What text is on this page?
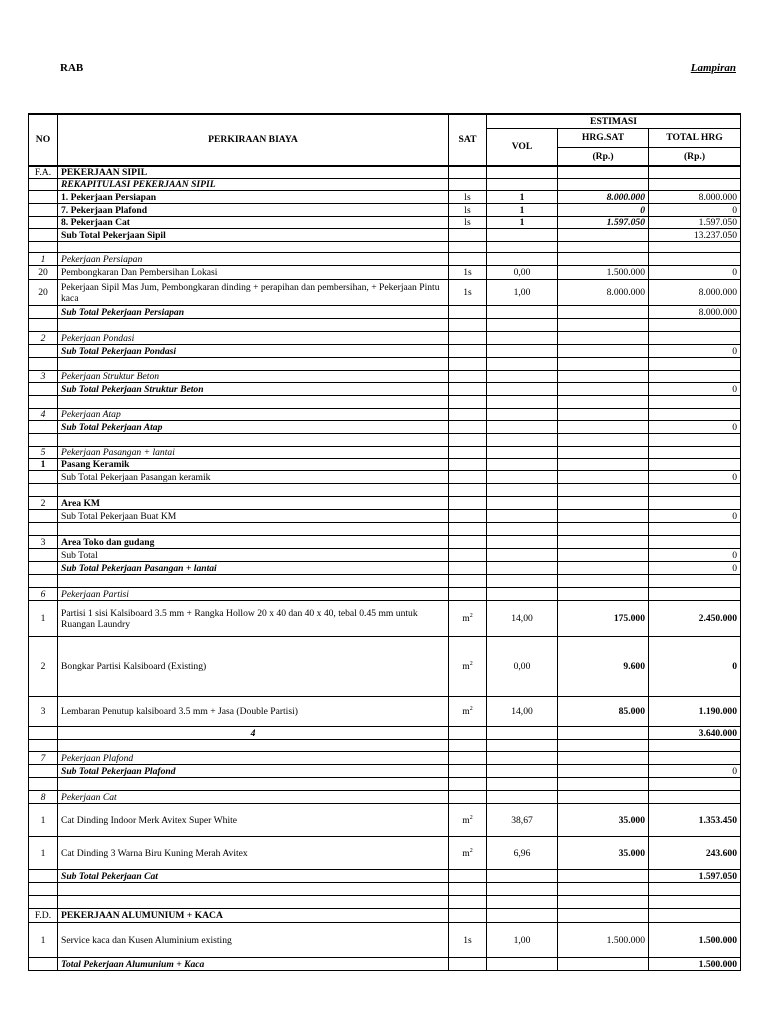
RAB	Lampiran
NO	PERKIRAAN BIAYA	SAT	ESTIMASI		
			VOL	HRG.SAT	TOTAL HRG
				(Rp.)	(Rp.)
F.A.	PEKERJAAN SIPIL				
	REKAPITULASI PEKERJAAN SIPIL				
	1. Pekerjaan Persiapan	ls	1	8.000.000	8.000.000
	7. Pekerjaan Plafond	ls	1	0	0
	8. Pekerjaan Cat	ls	1	1.597.050	1.597.050
	Sub Total Pekerjaan Sipil				13.237.050

1	Pekerjaan Persiapan				
20	Pembongkaran Dan Pembersihan Lokasi	1s	0,00	1.500.000	0
20	Pekerjaan Sipil Mas Jum, Pembongkaran dinding + perapihan dan pembersihan, + Pekerjaan Pintu kaca	1s	1,00	8.000.000	8.000.000
	Sub Total Pekerjaan Persiapan				8.000.000

2	Pekerjaan Pondasi				
	Sub Total Pekerjaan Pondasi				0

3	Pekerjaan Struktur Beton				
	Sub Total Pekerjaan Struktur Beton				0

4	Pekerjaan Atap				
	Sub Total Pekerjaan Atap				0

5	Pekerjaan Pasangan + lantai				
1	Pasang Keramik				
	Sub Total Pekerjaan Pasangan keramik				0

2	Area KM				
	Sub Total Pekerjaan Buat KM				0

3	Area Toko dan gudang				
	Sub Total				0
	Sub Total Pekerjaan Pasangan + lantai				0

6	Pekerjaan Partisi				
1	Partisi 1 sisi Kalsiboard 3.5 mm + Rangka Hollow 20 x 40 dan 40 x 40, tebal 0.45 mm untuk Ruangan Laundry	$m^2$	14,00	175.000	2.450.000
2	Bongkar Partisi Kalsiboard (Existing)	$m^2$	0,00	9.600	0
3	Lembaran Penutup kalsiboard 3.5 mm + Jasa (Double Partisi)	$m^2$	14,00	85.000	1.190.000
	4				3.640.000

7	Pekerjaan Plafond				
	Sub Total Pekerjaan Plafond				0

8	Pekerjaan Cat				
1	Cat Dinding Indoor Merk Avitex Super White	$m^2$	38,67	35.000	1.353.450
1	Cat Dinding 3 Warna Biru Kuning Merah Avitex	$m^2$	6,96	35.000	243.600
	Sub Total Pekerjaan Cat				1.597.050

F.D.	PEKERJAAN ALUMUNIUM + KACA				
1	Service kaca dan Kusen Aluminium existing	1s	1,00	1.500.000	1.500.000
	Total Pekerjaan Alumunium + Kaca				1.500.000
